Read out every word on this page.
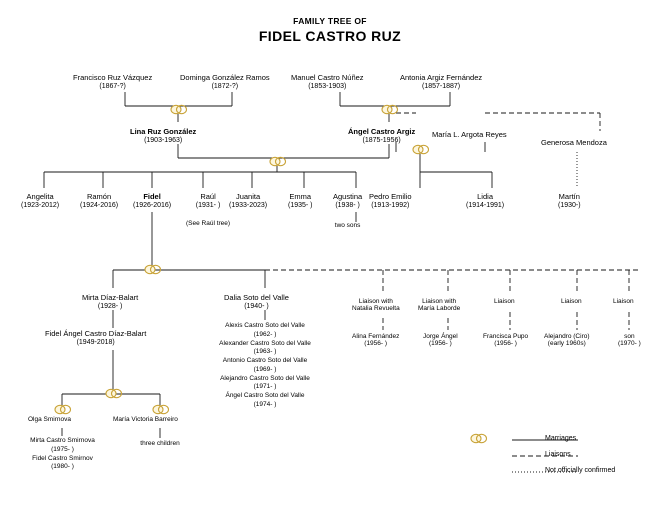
FAMILY TREE OF
FIDEL CASTRO RUZ
Francisco Ruz Vázquez
(1867-?)
Dominga González Ramos
(1872-?)
Manuel Castro Núñez
(1853-1903)
Antonia Argiz Fernández
(1857-1887)
Lina Ruz González
(1903-1963)
Ángel Castro Argiz
(1875-1956)
María L. Argota Reyes
Generosa Mendoza
Angelita
(1923-2012)
Ramón
(1924-2016)
Fidel
(1926-2016)
Raúl
(1931- )
(See Raúl tree)
Juanita
(1933-2023)
Emma
(1935- )
Agustina
(1938- )
two sons
Pedro Emilio
(1913-1992)
Lidia
(1914-1991)
Martín
(1930-)
Mirta Díaz-Balart
(1928- )
Dalia Soto del Valle
(1940- )
Liaison with
Natalia Revuelta
Liaison with
María Laborde
Liaison	Liaison	Liaison
Alina Fernández
(1956- )
Jorge Ángel
(1956- )
Francisca Pupo
(1956- )
Alejandro (Ciro)
(early 1960s)
son
(1970- )
Alexis Castro Soto del Valle
(1962- )
Alexander Castro Soto del Valle
(1963- )
Antonio Castro Soto del Valle
(1969- )
Alejandro Castro Soto del Valle
(1971- )
Ángel Castro Soto del Valle
(1974- )
Fidel Ángel Castro Díaz-Balart
(1949-2018)
Olga Smirnova	María Victoria Barreiro
Mirta Castro Smirnova
(1975- )
Fidel Castro Smirnov
(1980- )
three children
Marriages
Liaisons
Not officially confirmed
